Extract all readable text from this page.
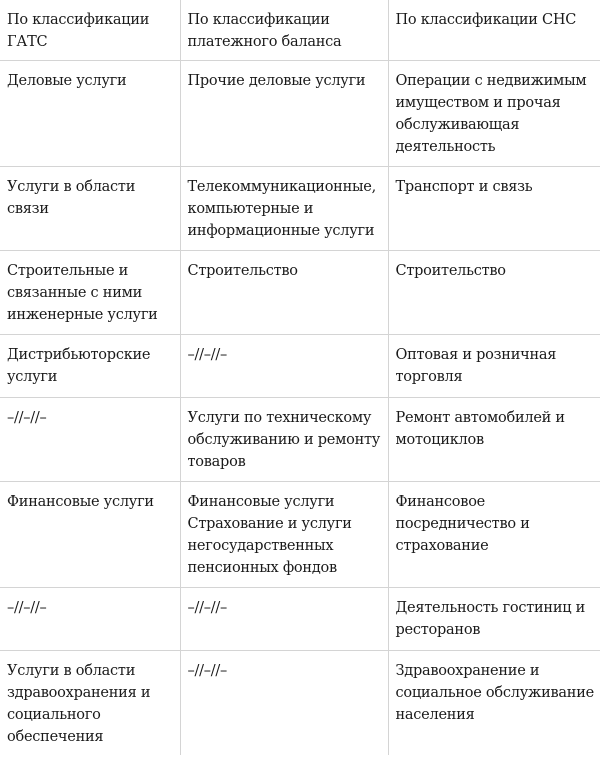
По классификации ГАТС	По классификации платежного баланса	По классификации СНС
Деловые услуги	Прочие деловые услуги	Операции с недвижимым имуществом и прочая обслуживающая деятельность
Услуги в области связи	Телекоммуникационные, компьютерные и информационные услуги	Транспорт и связь
Строительные и связанные с ними инженерные услуги	Строительство	Строительство
Дистрибьюторские услуги	–//–//–	Оптовая и розничная торговля
–//–//–	Услуги по техническому обслуживанию и ремонту товаров	Ремонт автомобилей и мотоциклов
Финансовые услуги	Финансовые услуги Страхование и услуги негосударственных пенсионных фондов	Финансовое посредничество и страхование
–//–//–	–//–//–	Деятельность гостиниц и ресторанов
Услуги в области здравоохранения и социального обеспечения	–//–//–	Здравоохранение и социальное обслуживание населения
